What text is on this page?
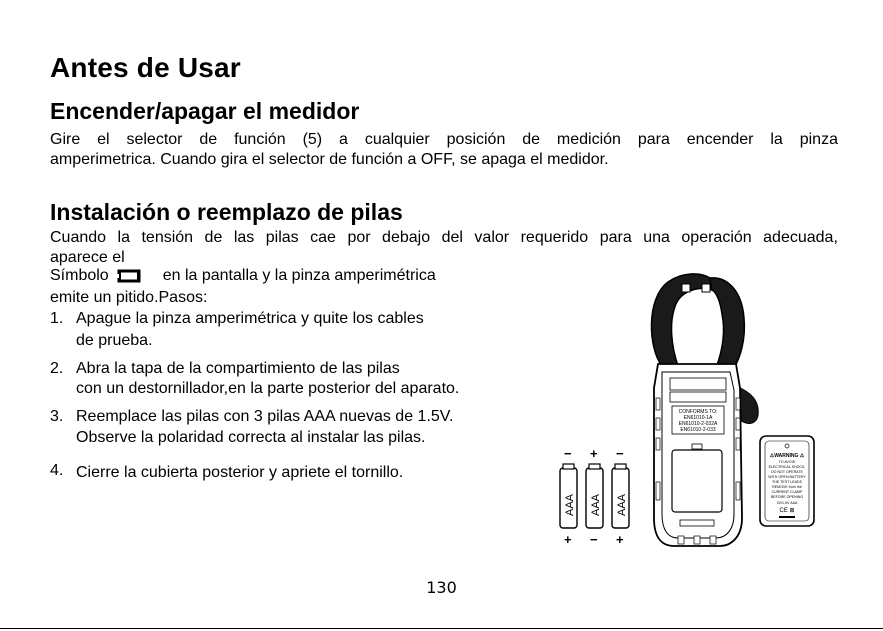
Antes de Usar
Encender/apagar el medidor
Gire el selector de función (5) a cualquier posición de medición para encender la pinza
amperimetrica. Cuando gira el selector de función a OFF, se apaga el medidor.
Instalación o reemplazo de pilas
Cuando la tensión de las pilas cae por debajo del valor requerido para una operación adecuada,
aparece el
Símbolo	en la pantalla y la pinza amperimétrica
emite un pitido.Pasos:
1. Apague la pinza amperimétrica y quite los cables
de prueba.
2. Abra la tapa de la compartimiento de las pilas
con un destornillador,en la parte posterior del aparato.
3. Reemplace las pilas con 3 pilas AAA nuevas de 1.5V.
Observe la polaridad correcta al instalar las pilas.
4. Cierre la cubierta posterior y apriete el tornillo.
AAA AAA AAA
− + −
+ − +
CONFORMS TO:
EN61010-1A
EN61010-2-032A
EN61010-2-033
⚠WARNING ⚠
TO AVOID
ELECTRICAL SHOCK,
DO NOT OPERATE
WITH OPEN BATTERY
THE TEST LEADS
REMOVE from the
CURRENT CLAMP
BEFORE OPENING
3V/1.5V AAA
CE ⊠
130
